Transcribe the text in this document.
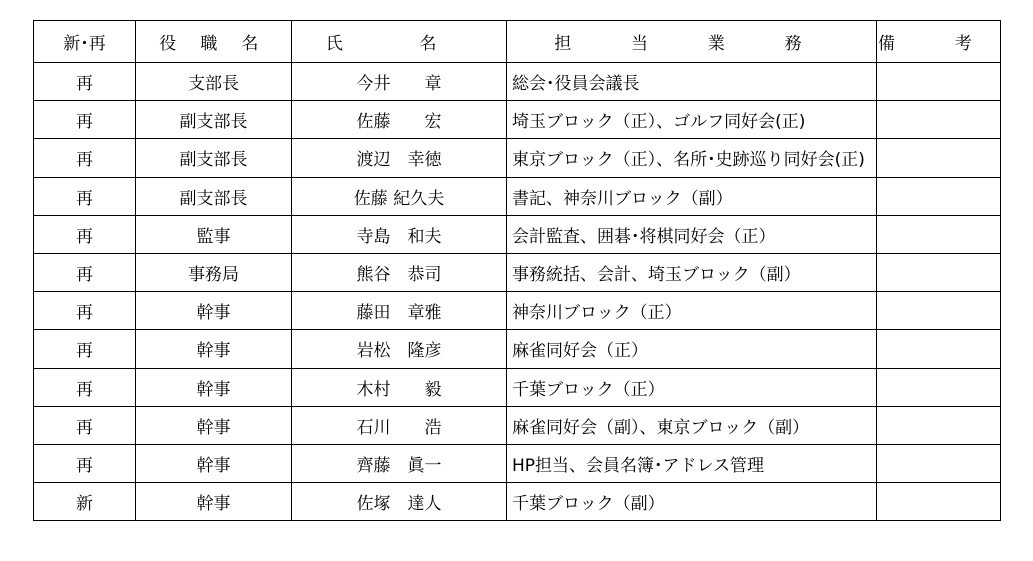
新･再	役 職 名	氏 名	担 当 業 務	備 考
再	支部長	今井　　章	総会･役員会議長	
再	副支部長	佐藤　　宏	埼玉ブロック（正）、ゴルフ同好会(正)	
再	副支部長	渡辺　幸徳	東京ブロック（正）、名所･史跡巡り同好会(正)	
再	副支部長	佐藤 紀久夫	書記、神奈川ブロック（副）	
再	監事	寺島　和夫	会計監査、囲碁･将棋同好会（正）	
再	事務局	熊谷　恭司	事務統括、会計、埼玉ブロック（副）	
再	幹事	藤田　章雅	神奈川ブロック（正）	
再	幹事	岩松　隆彦	麻雀同好会（正）	
再	幹事	木村　　毅	千葉ブロック（正）	
再	幹事	石川　　浩	麻雀同好会（副）、東京ブロック（副）	
再	幹事	齊藤　眞一	HP担当、会員名簿･アドレス管理	
新	幹事	佐塚　達人	千葉ブロック（副）	
